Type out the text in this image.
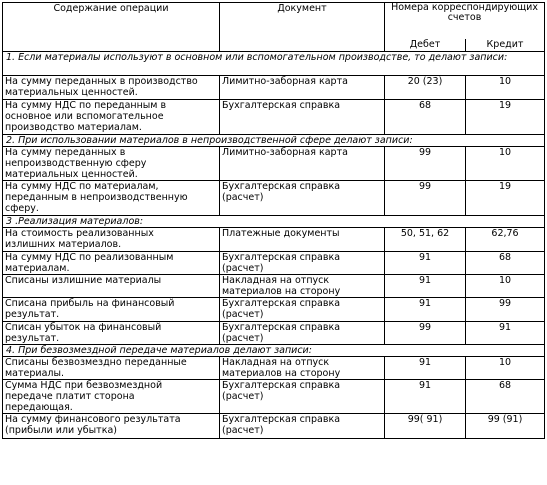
Содержание операции	Документ	Номера корреспондирующих счетов	
		Дебет	Кредит
1. Если материалы используют в основном или вспомогательном производстве, то делают записи:			
На сумму переданных в производство
материальных ценностей.	Лимитно-заборная карта	20 (23)	10
На сумму НДС по переданным в
основное или вспомогательное
производство материалам.	Бухгалтерская справка	68	19
2. При использовании материалов в непроизводственной сфере делают записи:			
На сумму переданных в
непроизводственную сферу
материальных ценностей.	Лимитно-заборная карта	99	10
На сумму НДС по материалам,
переданным в непроизводственную
сферу.	Бухгалтерская справка
(расчет)	99	19
3 .Реализация материалов:			
На стоимость реализованных
излишних материалов.	Платежные документы	50, 51, 62	62,76
На сумму НДС по реализованным
материалам.	Бухгалтерская справка
(расчет)	91	68
Списаны излишние материалы	Накладная на отпуск
материалов на сторону	91	10
Списана прибыль на финансовый
результат.	Бухгалтерская справка
(расчет)	91	99
Списан убыток на финансовый
результат.	Бухгалтерская справка
(расчет)	99	91
4. При безвозмездной передаче материалов делают записи:			
Списаны безвозмездно переданные
материалы.	Накладная на отпуск
материалов на сторону	91	10
Сумма НДС при безвозмездной
передаче платит сторона
передающая.	Бухгалтерская справка
(расчет)	91	68
На сумму финансового результата
(прибыли или убытка)	Бухгалтерская справка
(расчет)	99( 91)	99 (91)
